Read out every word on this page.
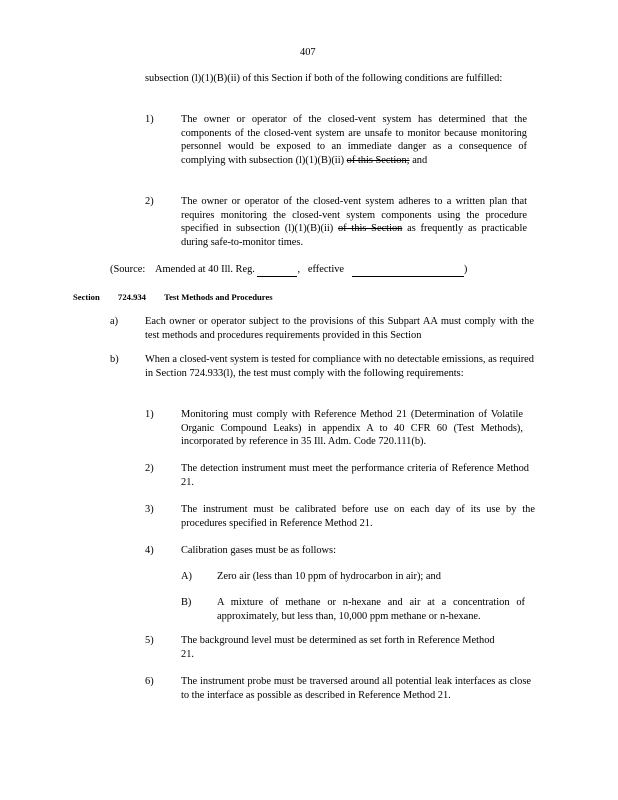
407
subsection (l)(1)(B)(ii) of this Section if both of the following conditions are fulfilled:
1)	The owner or operator of the closed-vent system has determined that the components of the closed-vent system are unsafe to monitor because monitoring personnel would be exposed to an immediate danger as a consequence of complying with subsection (l)(1)(B)(ii) of this Section; and
2)	The owner or operator of the closed-vent system adheres to a written plan that requires monitoring the closed-vent system components using the procedure specified in subsection (l)(1)(B)(ii) of this Section as frequently as practicable during safe-to-monitor times.
(Source: Amended at 40 Ill. Reg.	, effective	)
Section 724.934 Test Methods and Procedures
a)	Each owner or operator subject to the provisions of this Subpart AA must comply with the test methods and procedures requirements provided in this Section
b)	When a closed-vent system is tested for compliance with no detectable emissions, as required in Section 724.933(l), the test must comply with the following requirements:
1)	Monitoring must comply with Reference Method 21 (Determination of Volatile Organic Compound Leaks) in appendix A to 40 CFR 60 (Test Methods), incorporated by reference in 35 Ill. Adm. Code 720.111(b).
2)	The detection instrument must meet the performance criteria of Reference Method 21.
3)	The instrument must be calibrated before use on each day of its use by the procedures specified in Reference Method 21.
4)	Calibration gases must be as follows:
A) Zero air (less than 10 ppm of hydrocarbon in air); and
B) A mixture of methane or n-hexane and air at a concentration of approximately, but less than, 10,000 ppm methane or n-hexane.
5)	The background level must be determined as set forth in Reference Method 21.
6)	The instrument probe must be traversed around all potential leak interfaces as close to the interface as possible as described in Reference Method 21.
